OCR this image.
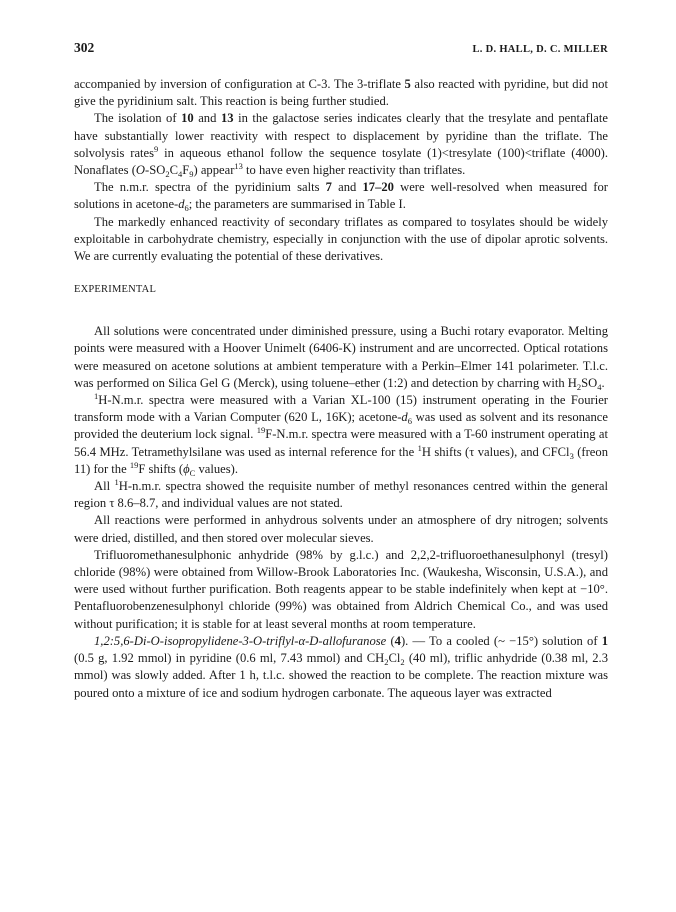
302	L. D. HALL, D. C. MILLER

accompanied by inversion of configuration at C-3. The 3-triflate 5 also reacted with pyridine, but did not give the pyridinium salt. This reaction is being further studied.

The isolation of 10 and 13 in the galactose series indicates clearly that the tresylate and pentaflate have substantially lower reactivity with respect to displacement by pyridine than the triflate. The solvolysis rates$^9$ in aqueous ethanol follow the sequence tosylate (1)<tresylate (100)<triflate (4000). Nonaflates $(O-SO_2C_4F_9)$ appear$^{13}$ to have even higher reactivity than triflates.

The n.m.r. spectra of the pyridinium salts 7 and 17–20 were well-resolved when measured for solutions in acetone-$d_6$; the parameters are summarised in Table I.

The markedly enhanced reactivity of secondary triflates as compared to tosylates should be widely exploitable in carbohydrate chemistry, especially in conjunction with the use of dipolar aprotic solvents. We are currently evaluating the potential of these derivatives.

EXPERIMENTAL

All solutions were concentrated under diminished pressure, using a Buchi rotary evaporator. Melting points were measured with a Hoover Unimelt (6406-K) instrument and are uncorrected. Optical rotations were measured on acetone solutions at ambient temperature with a Perkin–Elmer 141 polarimeter. T.l.c. was performed on Silica Gel G (Merck), using toluene–ether (1:2) and detection by charring with $H_2SO_4$.

$^1$H-N.m.r. spectra were measured with a Varian XL-100 (15) instrument operating in the Fourier transform mode with a Varian Computer (620 L, 16K); acetone-$d_6$ was used as solvent and its resonance provided the deuterium lock signal. $^{19}$F-N.m.r. spectra were measured with a T-60 instrument operating at 56.4 MHz. Tetramethylsilane was used as internal reference for the $^1$H shifts (τ values), and CFCl$_3$ (freon 11) for the $^{19}$F shifts ($\phi_C$ values).

All $^1$H-n.m.r. spectra showed the requisite number of methyl resonances centred within the general region τ 8.6–8.7, and individual values are not stated.

All reactions were performed in anhydrous solvents under an atmosphere of dry nitrogen; solvents were dried, distilled, and then stored over molecular sieves.

Trifluoromethanesulphonic anhydride (98% by g.l.c.) and 2,2,2-trifluoroethanesulphonyl (tresyl) chloride (98%) were obtained from Willow-Brook Laboratories Inc. (Waukesha, Wisconsin, U.S.A.), and were used without further purification. Both reagents appear to be stable indefinitely when kept at −10°. Pentafluorobenzenesulphonyl chloride (99%) was obtained from Aldrich Chemical Co., and was used without purification; it is stable for at least several months at room temperature.

1,2:5,6-Di-O-isopropylidene-3-O-triflyl-α-D-allofuranose (4). — To a cooled (~ −15°) solution of 1 (0.5 g, 1.92 mmol) in pyridine (0.6 ml, 7.43 mmol) and $CH_2Cl_2$ (40 ml), triflic anhydride (0.38 ml, 2.3 mmol) was slowly added. After 1 h, t.l.c. showed the reaction to be complete. The reaction mixture was poured onto a mixture of ice and sodium hydrogen carbonate. The aqueous layer was extracted
